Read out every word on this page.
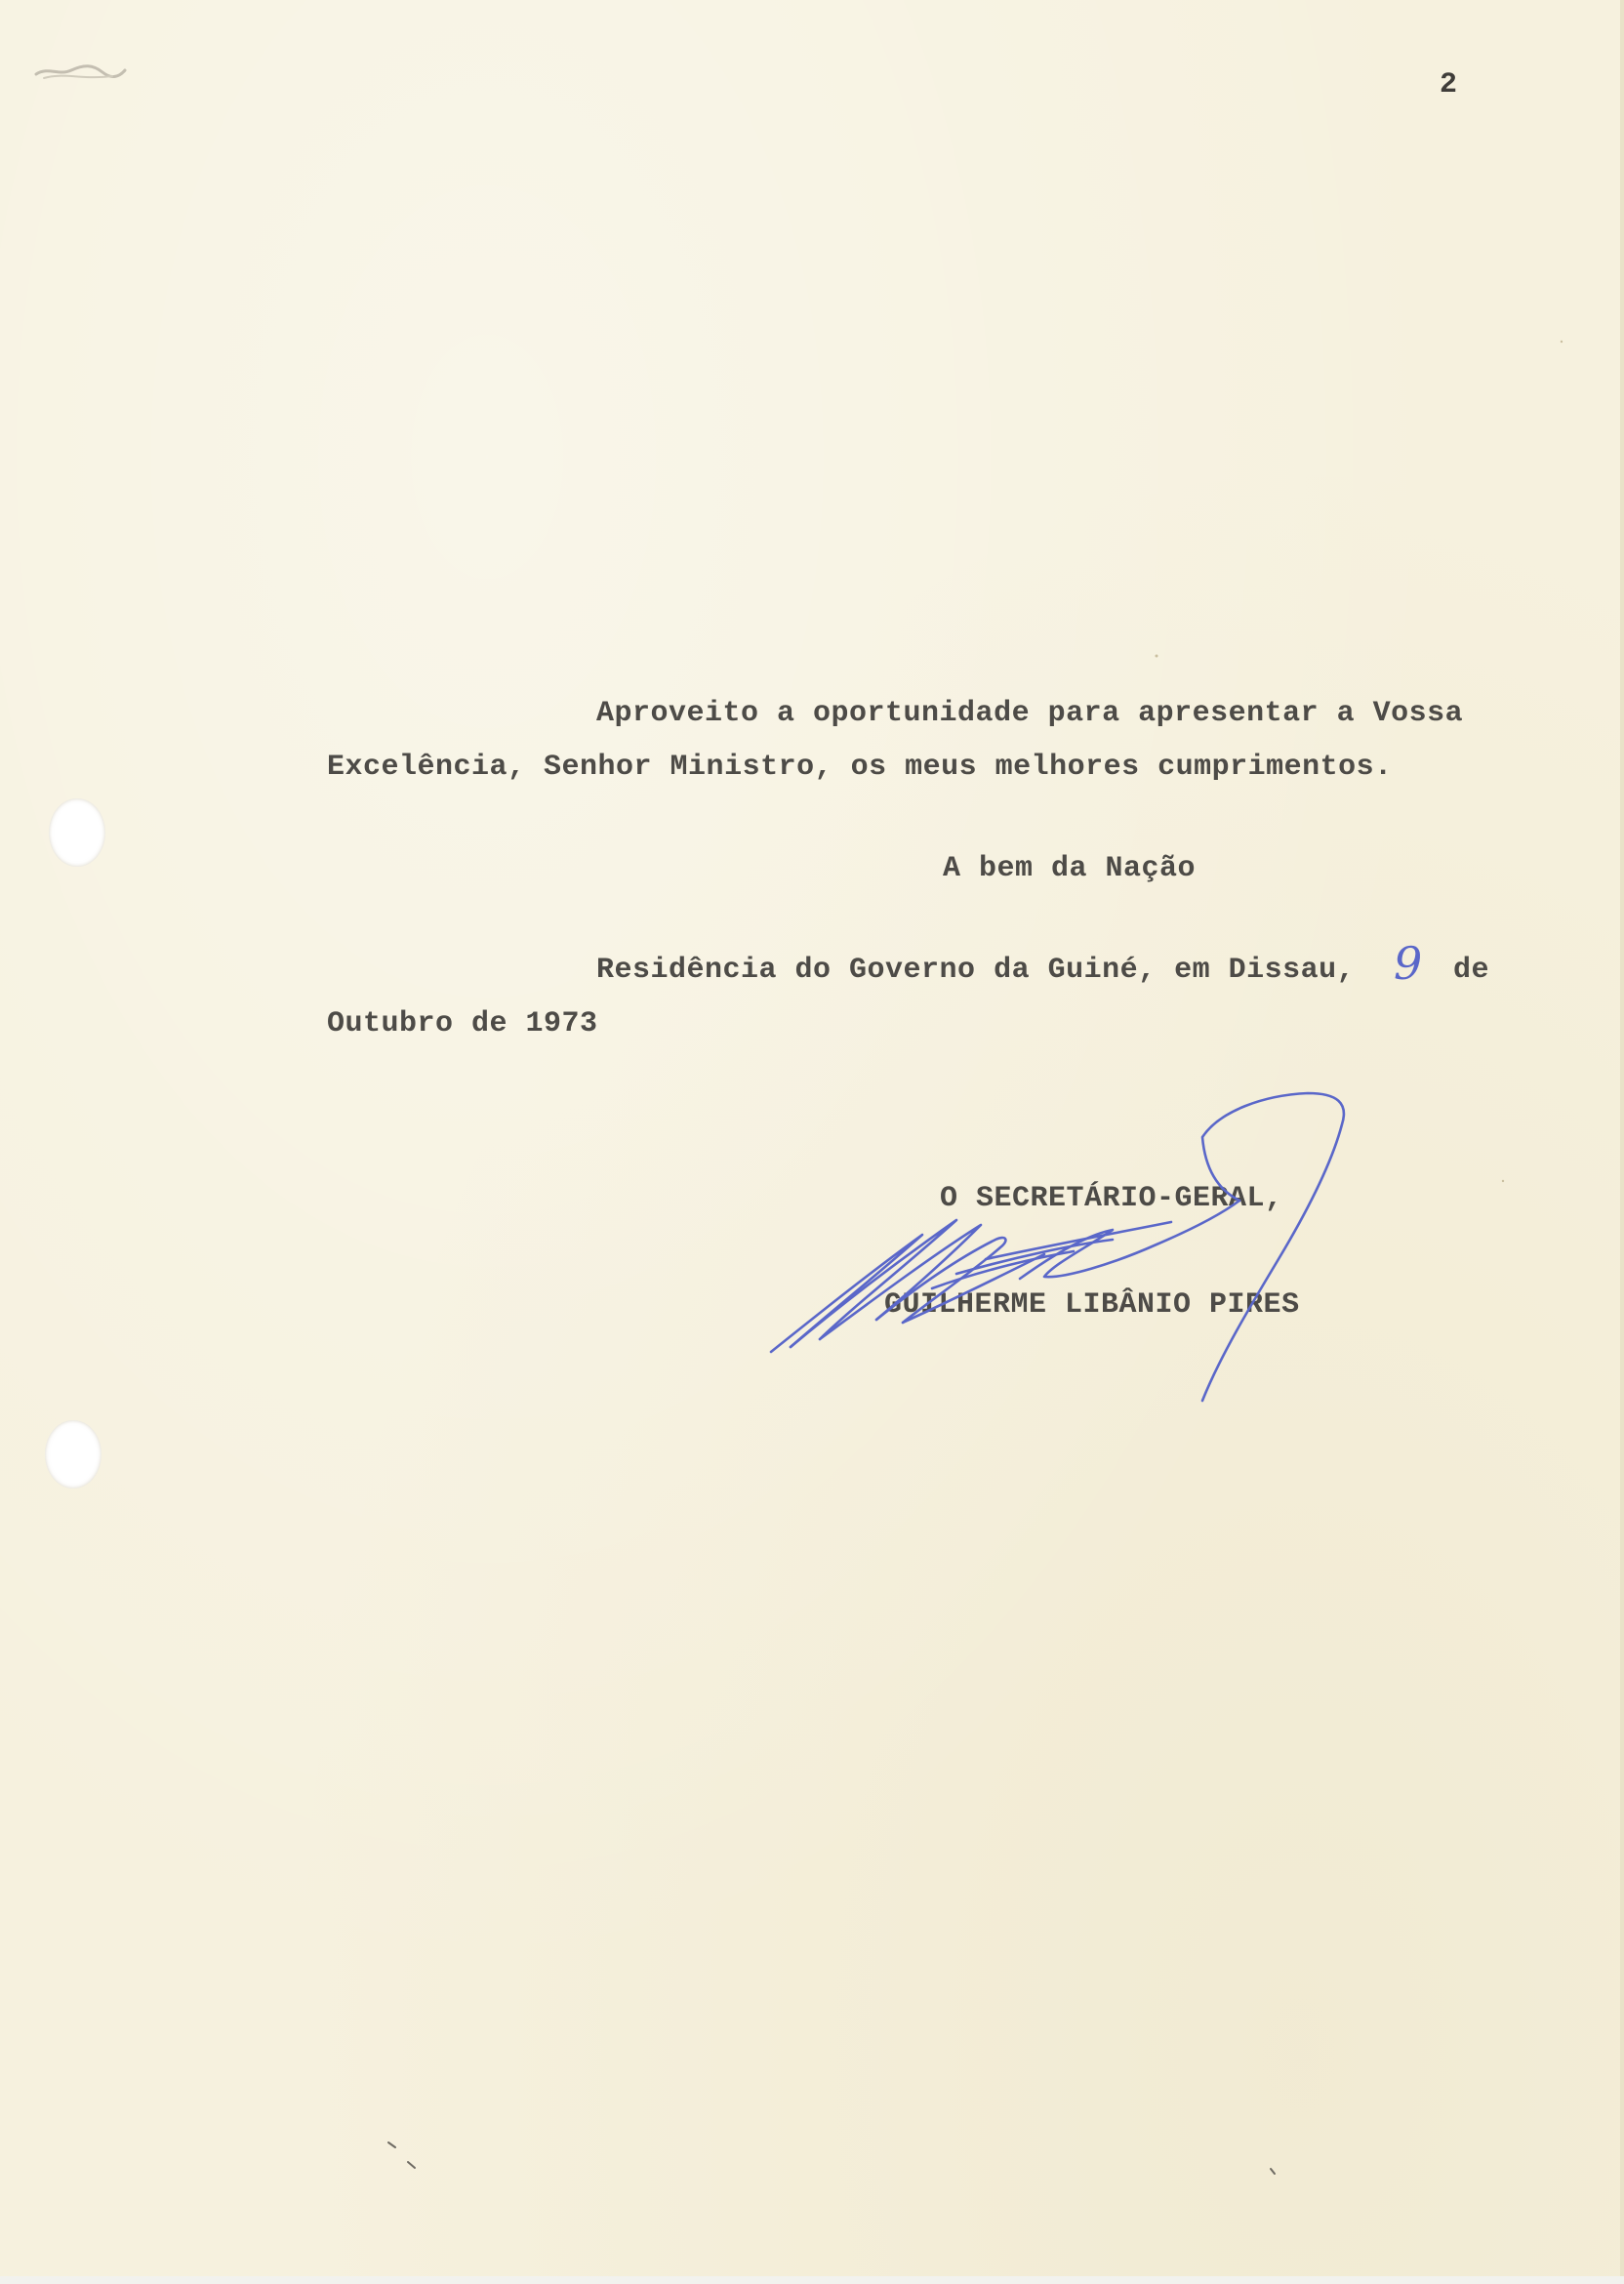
2
Aproveito a oportunidade para apresentar a Vossa
Excelência, Senhor Ministro, os meus melhores cumprimentos.
A bem da Nação
Residência do Governo da Guiné, em Dissau, 9 de
Outubro de 1973
O SECRETÁRIO-GERAL,
GUILHERME LIBÂNIO PIRES
